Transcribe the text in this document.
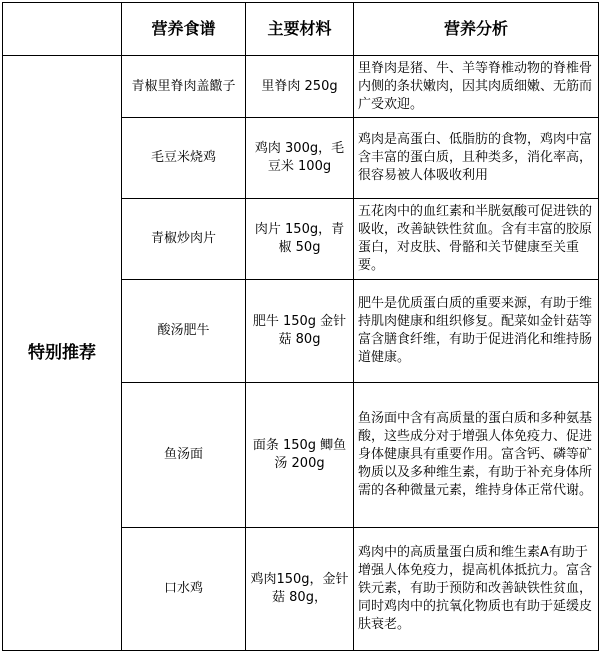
	营养食谱	主要材料	营养分析
特别推荐	青椒里脊肉盖饊子	里脊肉 250g	里脊肉是猪、牛、羊等脊椎动物的脊椎骨内侧的条状嫩肉，因其肉质细嫩、无筋而广受欢迎。
	毛豆米烧鸡	鸡肉 300g，毛豆米 100g	鸡肉是高蛋白、低脂肪的食物，鸡肉中富含丰富的蛋白质，且种类多，消化率高，很容易被人体吸收利用
	青椒炒肉片	肉片 150g，青椒 50g	五花肉中的血红素和半胱氨酸可促进铁的吸收，改善缺铁性贫血。含有丰富的胶原蛋白，对皮肤、骨骼和关节健康至关重要。
	酸汤肥牛	肥牛 150g 金针菇 80g	肥牛是优质蛋白质的重要来源，有助于维持肌肉健康和组织修复。配菜如金针菇等富含膳食纤维，有助于促进消化和维持肠道健康。
	鱼汤面	面条 150g 鲫鱼汤 200g	鱼汤面中含有高质量的蛋白质和多种氨基酸，这些成分对于增强人体免疫力、促进身体健康具有重要作用。富含钙、磷等矿物质以及多种维生素，有助于补充身体所需的各种微量元素，维持身体正常代谢。
	口水鸡	鸡肉150g，金针菇 80g，	鸡肉中的高质量蛋白质和维生素A有助于增强人体免疫力，提高机体抵抗力。富含铁元素，有助于预防和改善缺铁性贫血，同时鸡肉中的抗氧化物质也有助于延缓皮肤衰老。
